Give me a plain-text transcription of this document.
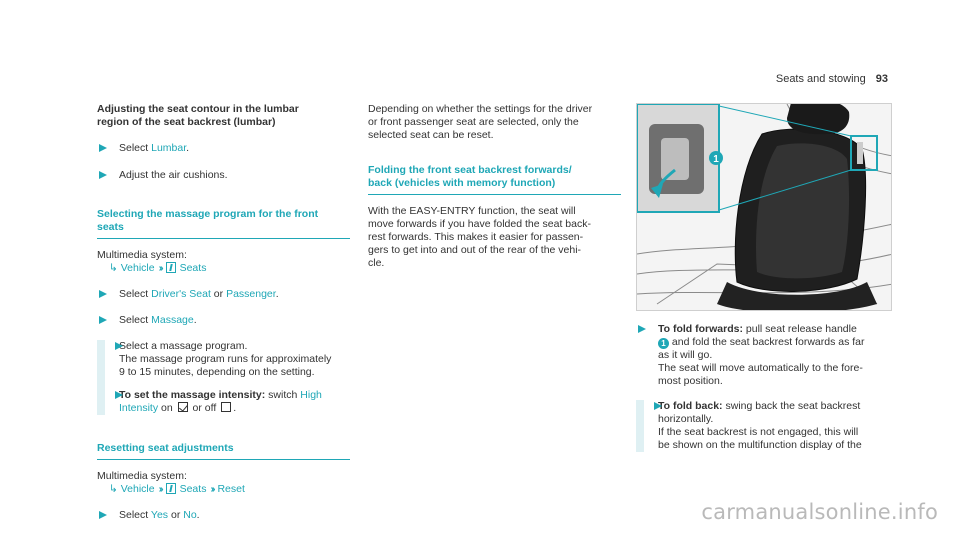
Seats and stowing 93
Adjusting the seat contour in the lumbar
region of the seat backrest (lumbar)
Select Lumbar.
Adjust the air cushions.
Selecting the massage program for the front
seats
Multimedia system:
↳ Vehicle ›› Seats
Select Driver's Seat or Passenger.
Select Massage.
Select a massage program.
The massage program runs for approximately
9 to 15 minutes, depending on the setting.
To set the massage intensity: switch High
Intensity on  or off .
Resetting seat adjustments
Multimedia system:
↳ Vehicle ›› Seats ›› Reset
Select Yes or No.
Depending on whether the settings for the driver
or front passenger seat are selected, only the
selected seat can be reset.
Folding the front seat backrest forwards/
back (vehicles with memory function)
With the EASY-ENTRY function, the seat will
move forwards if you have folded the seat back-
rest forwards. This makes it easier for passen-
gers to get into and out of the rear of the vehi-
cle.
1
To fold forwards: pull seat release handle
1 and fold the seat backrest forwards as far
as it will go.
The seat will move automatically to the fore-
most position.
To fold back: swing back the seat backrest
horizontally.
If the seat backrest is not engaged, this will
be shown on the multifunction display of the
carmanualsonline.info
